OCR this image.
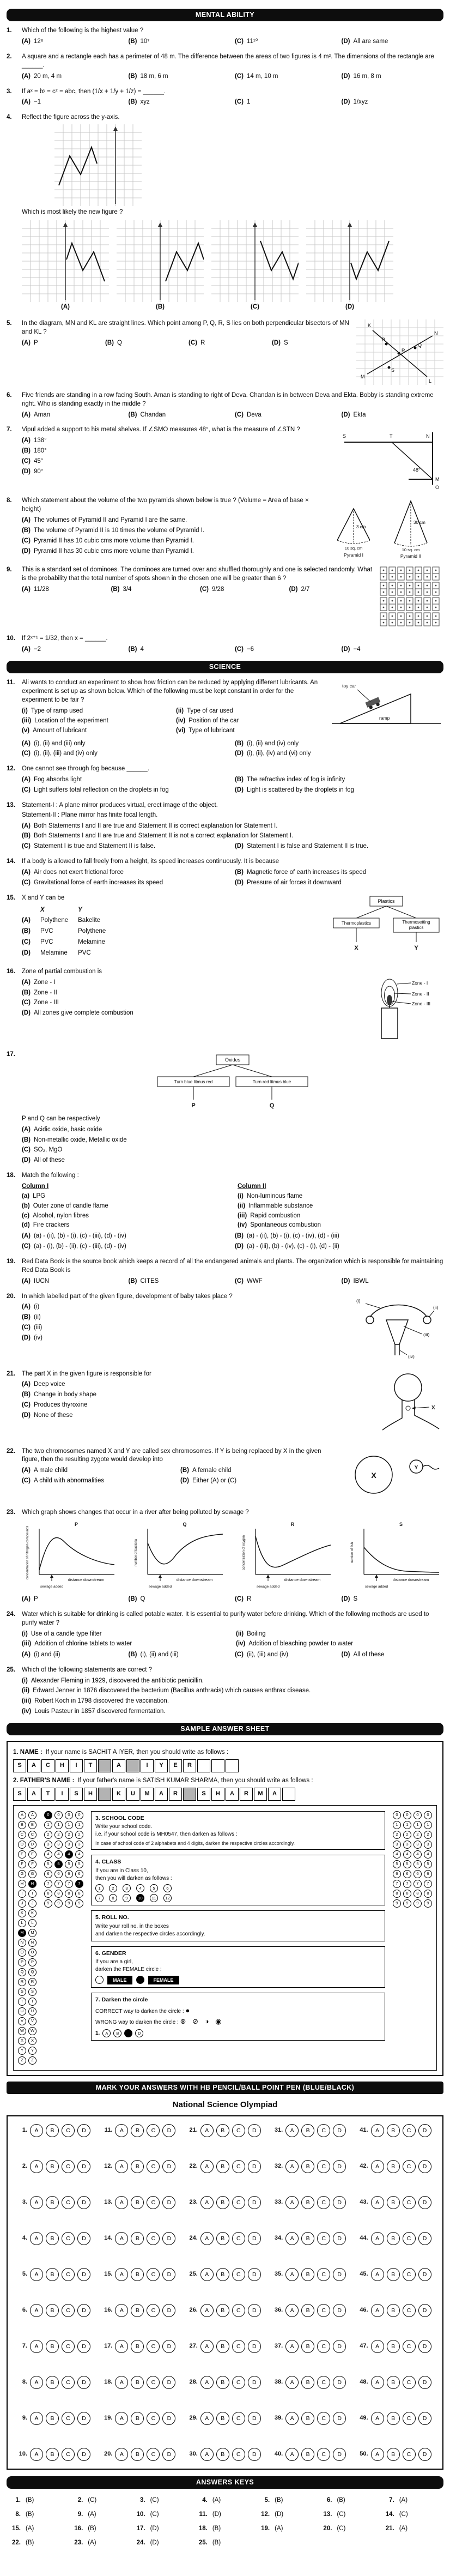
MENTAL ABILITY
1.	Which of the following is the highest value ?
(A) 12⁶	(B) 10⁷	(C) 11¹⁰	(D) All are same
2.	A square and a rectangle each has a perimeter of 48 m. The difference between the areas of two figures is 4 m². The dimensions of the rectangle are ______.
(A) 20 m, 4 m	(B) 18 m, 6 m	(C) 14 m, 10 m	(D) 16 m, 8 m
3.	If aˣ = bʸ = cᶻ = abc, then (1/x + 1/y + 1/z) = ______.
(A) −1	(B) xyz	(C) 1	(D) 1/xyz
4.	Reflect the figure across the y-axis.
Which is most likely the new figure ?
(A)	(B)	(C)	(D)
5.	In the diagram, MN and KL are straight lines. Which point among P, Q, R, S lies on both perpendicular bisectors of MN and KL ?
(A) P	(B) Q	(C) R	(D) S
M
N
K
L
P
Q
R
S
6.	Five friends are standing in a row facing South. Aman is standing to right of Deva. Chandan is in between Deva and Ekta. Bobby is standing extreme right. Who is standing exactly in the middle ?
(A) Aman	(B) Chandan	(C) Deva	(D) Ekta
7.	Vipul added a support to his metal shelves. If ∠SMO measures 48°, what is the measure of ∠STN ?
(A) 138°
(B) 180°
(C) 45°
(D) 90°
S	T	N
M
O
48°
8.	Which statement about the volume of the two pyramids shown below is true ? (Volume = Area of base × height)
(A) The volumes of Pyramid II and Pyramid I are the same.
(B) The volume of Pyramid II is 10 times the volume of Pyramid I.
(C) Pyramid II has 10 cubic cms more volume than Pyramid I.
(D) Pyramid II has 30 cubic cms more volume than Pyramid I.
3 cm
10 sq. cm
Pyramid I
30 cm
10 sq. cm
Pyramid II
9.	This is a standard set of dominoes. The dominoes are turned over and shuffled thoroughly and one is selected randomly. What is the probability that the total number of spots shown in the chosen one will be greater than 6 ?
(A) 11/28	(B) 3/4	(C) 9/28	(D) 2/7
10.	If 2ˣ⁺¹ = 1/32, then x = ______.
(A) −2	(B) 4	(C) −6	(D) −4
SCIENCE
11.	Ali wants to conduct an experiment to show how friction can be reduced by applying different lubricants. An experiment is set up as shown below. Which of the following must be kept constant in order for the experiment to be fair ?
(i) Type of ramp used	(ii) Type of car used
(iii) Location of the experiment	(iv) Position of the car
(v) Amount of lubricant	(vi) Type of lubricant
toy car
ramp
(A) (i), (ii) and (iii) only	(B) (i), (ii) and (iv) only
(C) (i), (ii), (iii) and (iv) only	(D) (i), (ii), (iv) and (vi) only
12.	One cannot see through fog because ______.
(A) Fog absorbs light	(B) The refractive index of fog is infinity
(C) Light suffers total reflection on the droplets in fog	(D) Light is scattered by the droplets in fog
13.	Statement-I : A plane mirror produces virtual, erect image of the object.
Statement-II : Plane mirror has finite focal length.
(A) Both Statements I and II are true and Statement II is correct explanation for Statement I.
(B) Both Statements I and II are true and Statement II is not a correct explanation for Statement I.
(C) Statement I is true and Statement II is false.	(D) Statement I is false and Statement II is true.
14.	If a body is allowed to fall freely from a height, its speed increases continuously. It is because
(A) Air does not exert frictional force	(B) Magnetic force of earth increases its speed
(C) Gravitational force of earth increases its speed	(D) Pressure of air forces it downward
15.	X and Y can be
	X	Y
(A)	Polythene	Bakelite
(B)	PVC	Polythene
(C)	PVC	Melamine
(D)	Melamine	PVC
Plastics
Thermoplastics	Thermosetting
plastics
X	Y
16.	Zone of partial combustion is
(A) Zone - I
(B) Zone - II
(C) Zone - III
(D) All zones give complete combustion
Zone - I
Zone - II
Zone - III
17.
Oxides
Turn blue litmus red	Turn red litmus blue
P	Q
P and Q can be respectively
(A) Acidic oxide, basic oxide
(B) Non-metallic oxide, Metallic oxide
(C) SO₂, MgO
(D) All of these
18.	Match the following :
Column I
(a) LPG
(b) Outer zone of candle flame
(c) Alcohol, nylon fibres
(d) Fire crackers
Column II
(i) Non-luminous flame
(ii) Inflammable substance
(iii) Rapid combustion
(iv) Spontaneous combustion
(A) (a) - (ii), (b) - (i), (c) - (iii), (d) - (iv)	(B) (a) - (ii), (b) - (i), (c) - (iv), (d) - (iii)
(C) (a) - (i), (b) - (ii), (c) - (iii), (d) - (iv)	(D) (a) - (iii), (b) - (iv), (c) - (i), (d) - (ii)
19.	Red Data Book is the source book which keeps a record of all the endangered animals and plants. The organization which is responsible for maintaining Red Data Book is
(A) IUCN	(B) CITES	(C) WWF	(D) IBWL
20.	In which labelled part of the given figure, development of baby takes place ?
(A) (i)
(B) (ii)
(C) (iii)
(D) (iv)
(i)
(ii)
(iii)
(iv)
21.	The part X in the given figure is responsible for
(A) Deep voice
(B) Change in body shape
(C) Produces thyroxine
(D) None of these
X
22.	The two chromosomes named X and Y are called sex chromosomes. If Y is being replaced by X in the given figure, then the resulting zygote would develop into
(A) A male child	(B) A female child
(C) A child with abnormalities	(D) Either (A) or (C)
X
Y
23.	Which graph shows changes that occur in a river after being polluted by sewage ?
P
concentration of nitrogen compounds
sewage added
distance downstream
Q
number of bacteria
sewage added
distance downstream
R
concentration of oxygen
sewage added
distance downstream
S
number of fish
sewage added
distance downstream
(A) P	(B) Q	(C) R	(D) S
24.	Water which is suitable for drinking is called potable water. It is essential to purify water before drinking. Which of the following methods are used to purify water ?
(i) Use of a candle type filter	(ii) Boiling
(iii) Addition of chlorine tablets to water	(iv) Addition of bleaching powder to water
(A) (i) and (ii)	(B) (i), (ii) and (iii)	(C) (ii), (iii) and (iv)	(D) All of these
25.	Which of the following statements are correct ?
(i) Alexander Fleming in 1929, discovered the antibiotic penicillin.
(ii) Edward Jenner in 1876 discovered the bacterium (Bacillus anthracis) which causes anthrax disease.
(iii) Robert Koch in 1798 discovered the vaccination.
(iv) Louis Pasteur in 1857 discovered fermentation.
SAMPLE ANSWER SHEET
1. NAME : If your name is SACHIT A IYER, then you should write as follows :
S	A	C	H	I	T	A	I	Y	E	R
2. FATHER'S NAME : If your father's name is SATISH KUMAR SHARMA, then you should write as follows :
S	A	T	I	S	H	K	U	M	A	R	S	H	A	R	M	A
A
B
C
D
E
F
G
H
I
J
K
L
M
N
O
P
Q
R
S
T
U
V
W
X
Y
Z
A
B
C
D
E
F
G
H
I
J
K
L
M
N
O
P
Q
R
S
T
U
V
W
X
Y
Z
0
1
2
3
4
5
6
7
8
9
0
1
2
3
4
5
6
7
8
9
0
1
2
3
4
5
6
7
8
9
0
1
2
3
4
5
6
7
8
9
3. SCHOOL CODE
Write your school code.
i.e. if your school code is MH0547, then darken as follows :
In case of school code of 2 alphabets and 4 digits, darken the respective circles accordingly.
4. CLASS
If you are in Class 10,
then you will darken as follows :
1	2	3	4	5	6
7	8	9	10	11	12
5. ROLL NO.
Write your roll no. in the boxes
and darken the respective circles accordingly.
6. GENDER
If you are a girl,
darken the FEMALE circle :
MALE	FEMALE
7. Darken the circle
CORRECT way to darken the circle : ●
WRONG way to darken the circle : ⊗ ⊘ ◑ ◉
1.	A	B	D
0
1
2
3
4
5
6
7
8
9
0
1
2
3
4
5
6
7
8
9
0
1
2
3
4
5
6
7
8
9
0
1
2
3
4
5
6
7
8
9
MARK YOUR ANSWERS WITH HB PENCIL/BALL POINT PEN (BLUE/BLACK)
National Science Olympiad
1.	A	B	C	D	11.	A	B	C	D	21.	A	B	C	D	31.	A	B	C	D	41.	A	B	C	D
2.	A	B	C	D	12.	A	B	C	D	22.	A	B	C	D	32.	A	B	C	D	42.	A	B	C	D
3.	A	B	C	D	13.	A	B	C	D	23.	A	B	C	D	33.	A	B	C	D	43.	A	B	C	D
4.	A	B	C	D	14.	A	B	C	D	24.	A	B	C	D	34.	A	B	C	D	44.	A	B	C	D
5.	A	B	C	D	15.	A	B	C	D	25.	A	B	C	D	35.	A	B	C	D	45.	A	B	C	D
6.	A	B	C	D	16.	A	B	C	D	26.	A	B	C	D	36.	A	B	C	D	46.	A	B	C	D
7.	A	B	C	D	17.	A	B	C	D	27.	A	B	C	D	37.	A	B	C	D	47.	A	B	C	D
8.	A	B	C	D	18.	A	B	C	D	28.	A	B	C	D	38.	A	B	C	D	48.	A	B	C	D
9.	A	B	C	D	19.	A	B	C	D	29.	A	B	C	D	39.	A	B	C	D	49.	A	B	C	D
10.	A	B	C	D	20.	A	B	C	D	30.	A	B	C	D	40.	A	B	C	D	50.	A	B	C	D
ANSWERS KEYS
1. (B)	2. (C)	3. (C)	4. (A)	5. (B)	6. (B)	7. (A)
8. (B)	9. (A)	10. (C)	11. (D)	12. (D)	13. (C)	14. (C)
15. (A)	16. (B)	17. (D)	18. (B)	19. (A)	20. (C)	21. (A)
22. (B)	23. (A)	24. (D)	25. (B)
